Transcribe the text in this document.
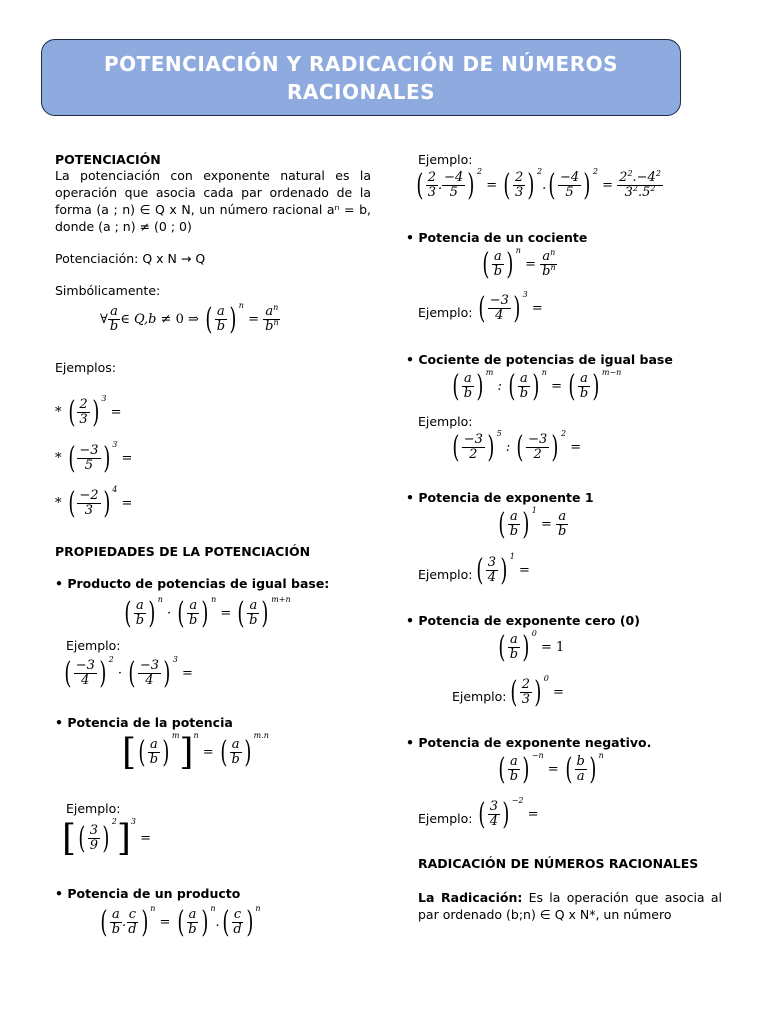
POTENCIACIÓN Y RADICACIÓN DE NÚMEROS RACIONALES
POTENCIACIÓN
La potenciación con exponente natural es la operación que asocia cada par ordenado de la forma (a ; n) ∈ Q x N, un número racional aⁿ = b, donde (a ; n) ≠ (0 ; 0)
Potenciación: Q x N → Q
Simbólicamente:
∀ $\frac{a}{b}$ ∈ Q,b ≠ 0 ⇒ ( $\frac{a}{b}$ ) $^n = \frac{a^n}{b^n}$
Ejemplos:
* ( $\frac{2}{3}$ ) $^3$ =
* ( $\frac{-3}{5}$ ) $^3$ =
* ( $\frac{-2}{3}$ ) $^4$ =
PROPIEDADES DE LA POTENCIACIÓN
• Producto de potencias de igual base:
( $\frac{a}{b}$ ) $^n$ · ( $\frac{a}{b}$ ) $^n$ = ( $\frac{a}{b}$ ) $^{m+n}$
Ejemplo:
( $\frac{-3}{4}$ ) $^2$ · ( $\frac{-3}{4}$ ) $^3$ =
• Potencia de la potencia
[( $\frac{a}{b}$ ) $^m$]$^n$ = ( $\frac{a}{b}$ ) $^{m.n}$
Ejemplo:
[( $\frac{3}{9}$ ) $^2$]$^3$ =
• Potencia de un producto
( $\frac{a}{b}$ . $\frac{c}{d}$ ) $^n$ = ( $\frac{a}{b}$ ) $^n.( \frac{c}{d}$ ) $^n$
Ejemplo:
( $\frac{2}{3}$ . $\frac{-4}{5}$ ) $^2$ = ( $\frac{2}{3}$ ) $^2.( \frac{-4}{5}$ ) $^2 = \frac{2^2.-4^2}{3^2.5^2}$
• Potencia de un cociente
( $\frac{a}{b}$ ) $^n = \frac{a^n}{b^n}$
Ejemplo: ( $\frac{-3}{4}$ ) $^3$ =
• Cociente de potencias de igual base
( $\frac{a}{b}$ ) $^m$ : ( $\frac{a}{b}$ ) $^n$ = ( $\frac{a}{b}$ ) $^{m-n}$
Ejemplo:
( $\frac{-3}{2}$ ) $^5$ : ( $\frac{-3}{2}$ ) $^2$ =
• Potencia de exponente 1
( $\frac{a}{b}$ ) $^1 = \frac{a}{b}$
Ejemplo: ( $\frac{3}{4}$ ) $^1$ =
• Potencia de exponente cero (0)
( $\frac{a}{b}$ ) $^0$ = 1
Ejemplo: ( $\frac{2}{3}$ ) $^0$ =
• Potencia de exponente negativo.
( $\frac{a}{b}$ ) $^{-n}$ = ( $\frac{b}{a}$ ) $^n$
Ejemplo: ( $\frac{3}{4}$ ) $^{-2}$ =
RADICACIÓN DE NÚMEROS RACIONALES
La Radicación: Es la operación que asocia al par ordenado (b;n) ∈ Q x N*, un número
